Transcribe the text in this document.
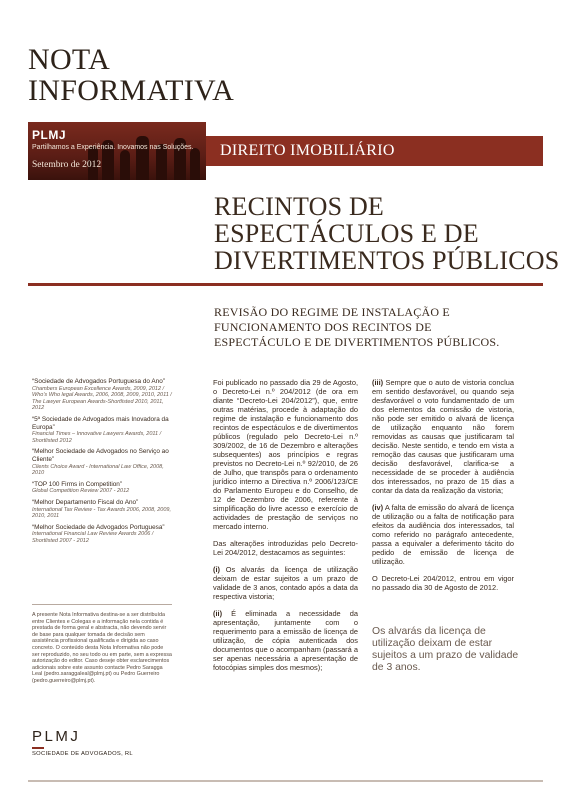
NOTA
INFORMATIVA
PLMJ
Partilhamos a Experiência. Inovamos nas Soluções.
Setembro de 2012
DIREITO IMOBILIÁRIO
RECINTOS DE
ESPECTÁCULOS E DE
DIVERTIMENTOS PÚBLICOS
REVISÃO DO REGIME DE INSTALAÇÃO E
FUNCIONAMENTO DOS RECINTOS DE
ESPECTÁCULO E DE DIVERTIMENTOS PÚBLICOS.
“Sociedade de Advogados Portuguesa do Ano”
Chambers European Excellence Awards, 2009, 2012 / Who’s Who legal Awards, 2006, 2008, 2009, 2010, 2011 / The Lawyer European Awards-Shortlisted 2010, 2011, 2012
“5ª Sociedade de Advogados mais Inovadora da Europa”
Financial Times – Innovative Lawyers Awards, 2011 / Shortlisted 2012
“Melhor Sociedade de Advogados no Serviço ao Cliente”
Clients Choice Award - International Law Office, 2008, 2010
“TOP 100 Firms in Competition”
Global Competition Review 2007 - 2012
“Melhor Departamento Fiscal do Ano”
International Tax Review - Tax Awards 2006, 2008, 2009, 2010, 2011
“Melhor Sociedade de Advogados Portuguesa”
International Financial Law Review Awards 2006 / Shortlisted 2007 - 2012
A presente Nota Informativa destina-se a ser distribuída entre Clientes e Colegas e a informação nela contida é prestada de forma geral e abstracta, não devendo servir de base para qualquer tomada de decisão sem assistência profissional qualificada e dirigida ao caso concreto. O conteúdo desta Nota Informativa não pode ser reproduzido, no seu todo ou em parte, sem a expressa autorização do editor. Caso deseje obter esclarecimentos adicionais sobre este assunto contacte Pedro Saragga Leal (pedro.saraggaleal@plmj.pt) ou Pedro Guerreiro (pedro.guerreiro@plmj.pt).
PLMJ
SOCIEDADE DE ADVOGADOS, RL

Foi publicado no passado dia 29 de Agosto, o Decreto-Lei n.º 204/2012 (de ora em diante “Decreto-Lei 204/2012”), que, entre outras matérias, procede à adaptação do regime de instalação e funcionamento dos recintos de espectáculos e de divertimentos públicos (regulado pelo Decreto-Lei n.º 309/2002, de 16 de Dezembro e alterações subsequentes) aos princípios e regras previstos no Decreto-Lei n.º 92/2010, de 26 de Julho, que transpôs para o ordenamento jurídico interno a Directiva n.º 2006/123/CE do Parlamento Europeu e do Conselho, de 12 de Dezembro de 2006, referente à simplificação do livre acesso e exercício de actividades de prestação de serviços no mercado interno.

Das alterações introduzidas pelo Decreto-Lei 204/2012, destacamos as seguintes:

(i) Os alvarás da licença de utilização deixam de estar sujeitos a um prazo de validade de 3 anos, contado após a data da respectiva vistoria;

(ii) É eliminada a necessidade da apresentação, juntamente com o requerimento para a emissão de licença de utilização, de cópia autenticada dos documentos que o acompanham (passará a ser apenas necessária a apresentação de fotocópias simples dos mesmos);

(iii) Sempre que o auto de vistoria conclua em sentido desfavorável, ou quando seja desfavorável o voto fundamentado de um dos elementos da comissão de vistoria, não pode ser emitido o alvará de licença de utilização enquanto não forem removidas as causas que justificaram tal decisão. Neste sentido, e tendo em vista a remoção das causas que justificaram uma decisão desfavorável, clarifica-se a necessidade de se proceder à audiência dos interessados, no prazo de 15 dias a contar da data da realização da vistoria;

(iv) A falta de emissão do alvará de licença de utilização ou a falta de notificação para efeitos da audiência dos interessados, tal como referido no parágrafo antecedente, passa a equivaler a deferimento tácito do pedido de emissão de licença de utilização.

O Decreto-Lei 204/2012, entrou em vigor no passado dia 30 de Agosto de 2012.

Os alvarás da licença de utilização deixam de estar sujeitos a um prazo de validade de 3 anos.
